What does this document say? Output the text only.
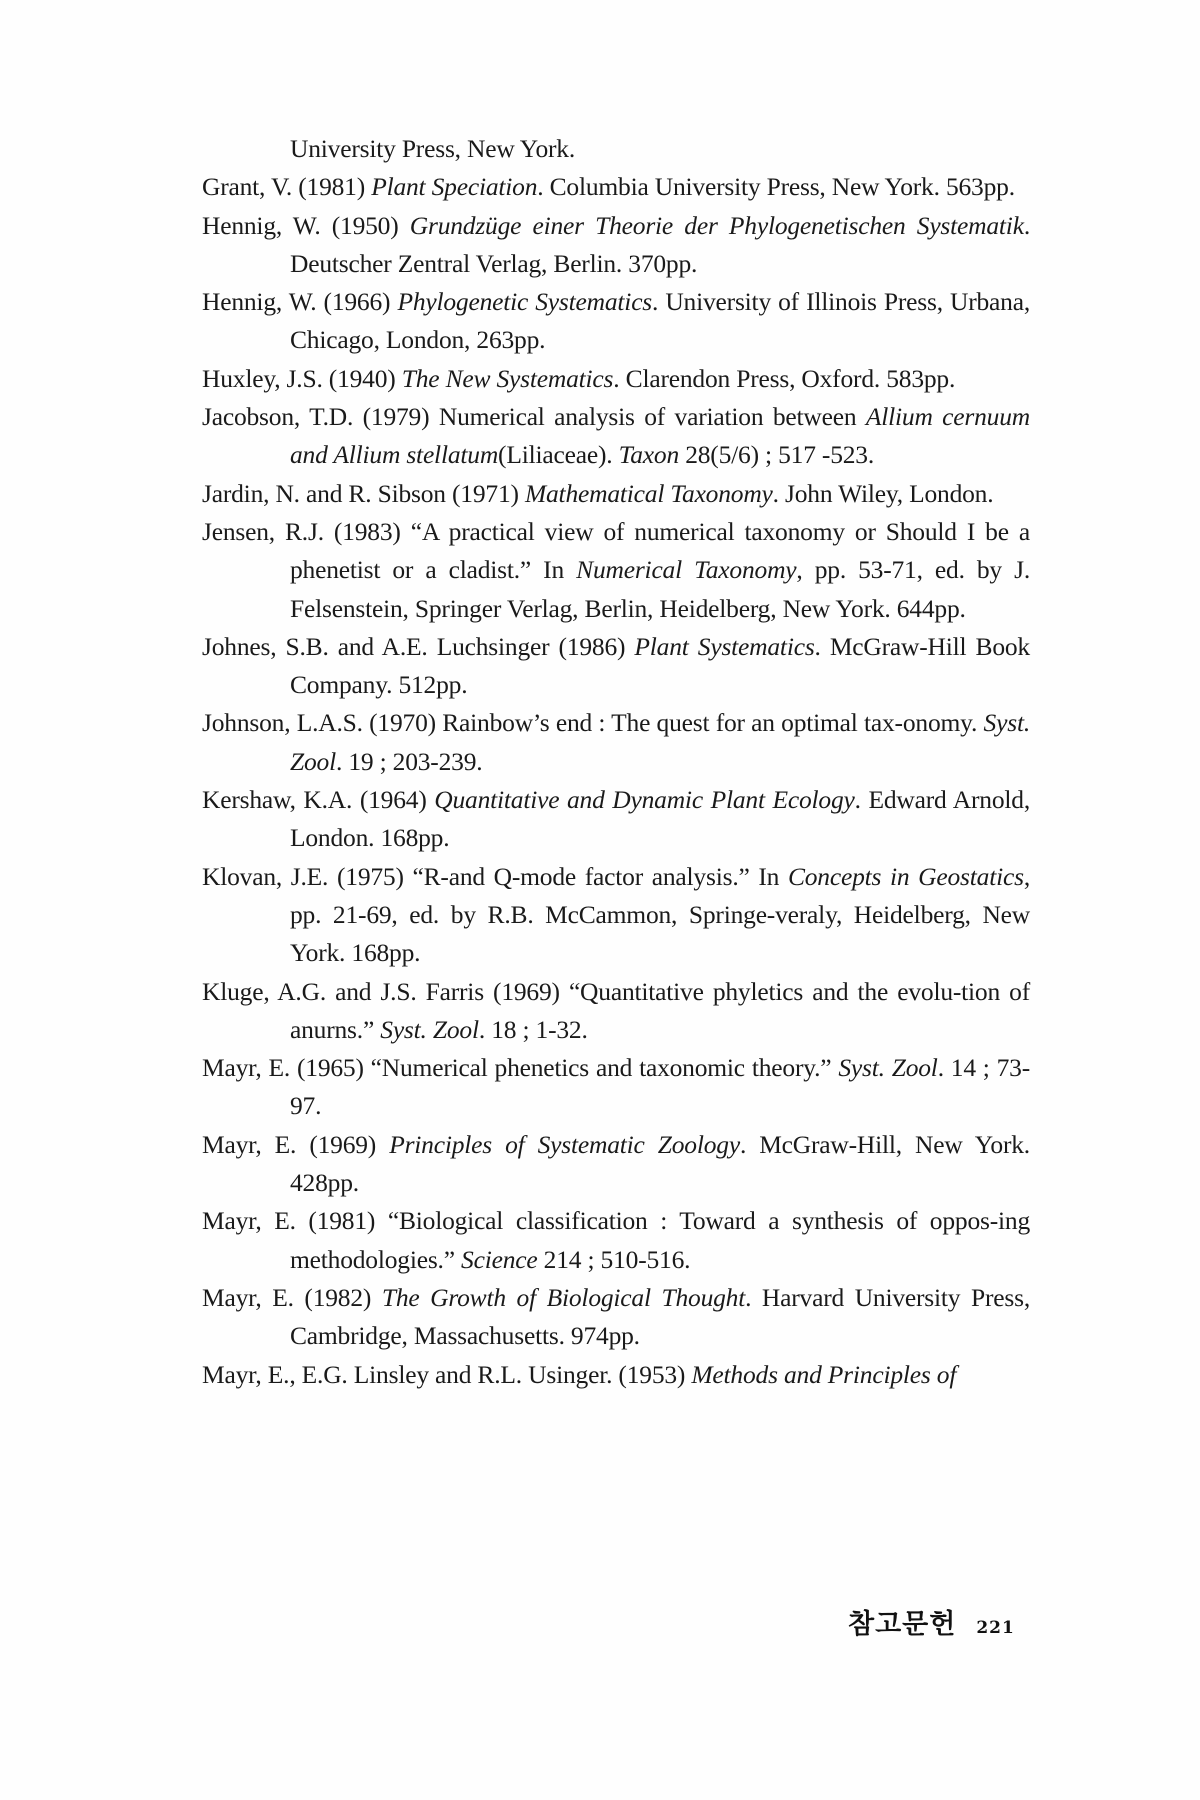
University Press, New York.

Grant, V. (1981) Plant Speciation. Columbia University Press, New York. 563pp.

Hennig, W. (1950) Grundzüge einer Theorie der Phylogenetischen Systematik. Deutscher Zentral Verlag, Berlin. 370pp.

Hennig, W. (1966) Phylogenetic Systematics. University of Illinois Press, Urbana, Chicago, London, 263pp.

Huxley, J.S. (1940) The New Systematics. Clarendon Press, Oxford. 583pp.

Jacobson, T.D. (1979) Numerical analysis of variation between Allium cernuum and Allium stellatum(Liliaceae). Taxon 28(5/6) ; 517 -523.

Jardin, N. and R. Sibson (1971) Mathematical Taxonomy. John Wiley, London.

Jensen, R.J. (1983) “A practical view of numerical taxonomy or Should I be a phenetist or a cladist.” In Numerical Taxonomy, pp. 53-71, ed. by J. Felsenstein, Springer Verlag, Berlin, Heidelberg, New York. 644pp.

Johnes, S.B. and A.E. Luchsinger (1986) Plant Systematics. McGraw-Hill Book Company. 512pp.

Johnson, L.A.S. (1970) Rainbow’s end : The quest for an optimal tax-onomy. Syst. Zool. 19 ; 203-239.

Kershaw, K.A. (1964) Quantitative and Dynamic Plant Ecology. Edward Arnold, London. 168pp.

Klovan, J.E. (1975) “R-and Q-mode factor analysis.” In Concepts in Geostatics, pp. 21-69, ed. by R.B. McCammon, Springe-veraly, Heidelberg, New York. 168pp.

Kluge, A.G. and J.S. Farris (1969) “Quantitative phyletics and the evolu-tion of anurns.” Syst. Zool. 18 ; 1-32.

Mayr, E. (1965) “Numerical phenetics and taxonomic theory.” Syst. Zool. 14 ; 73-97.

Mayr, E. (1969) Principles of Systematic Zoology. McGraw-Hill, New York. 428pp.

Mayr, E. (1981) “Biological classification : Toward a synthesis of oppos-ing methodologies.” Science 214 ; 510-516.

Mayr, E. (1982) The Growth of Biological Thought. Harvard University Press, Cambridge, Massachusetts. 974pp.

Mayr, E., E.G. Linsley and R.L. Usinger. (1953) Methods and Principles of

참고문헌 221
